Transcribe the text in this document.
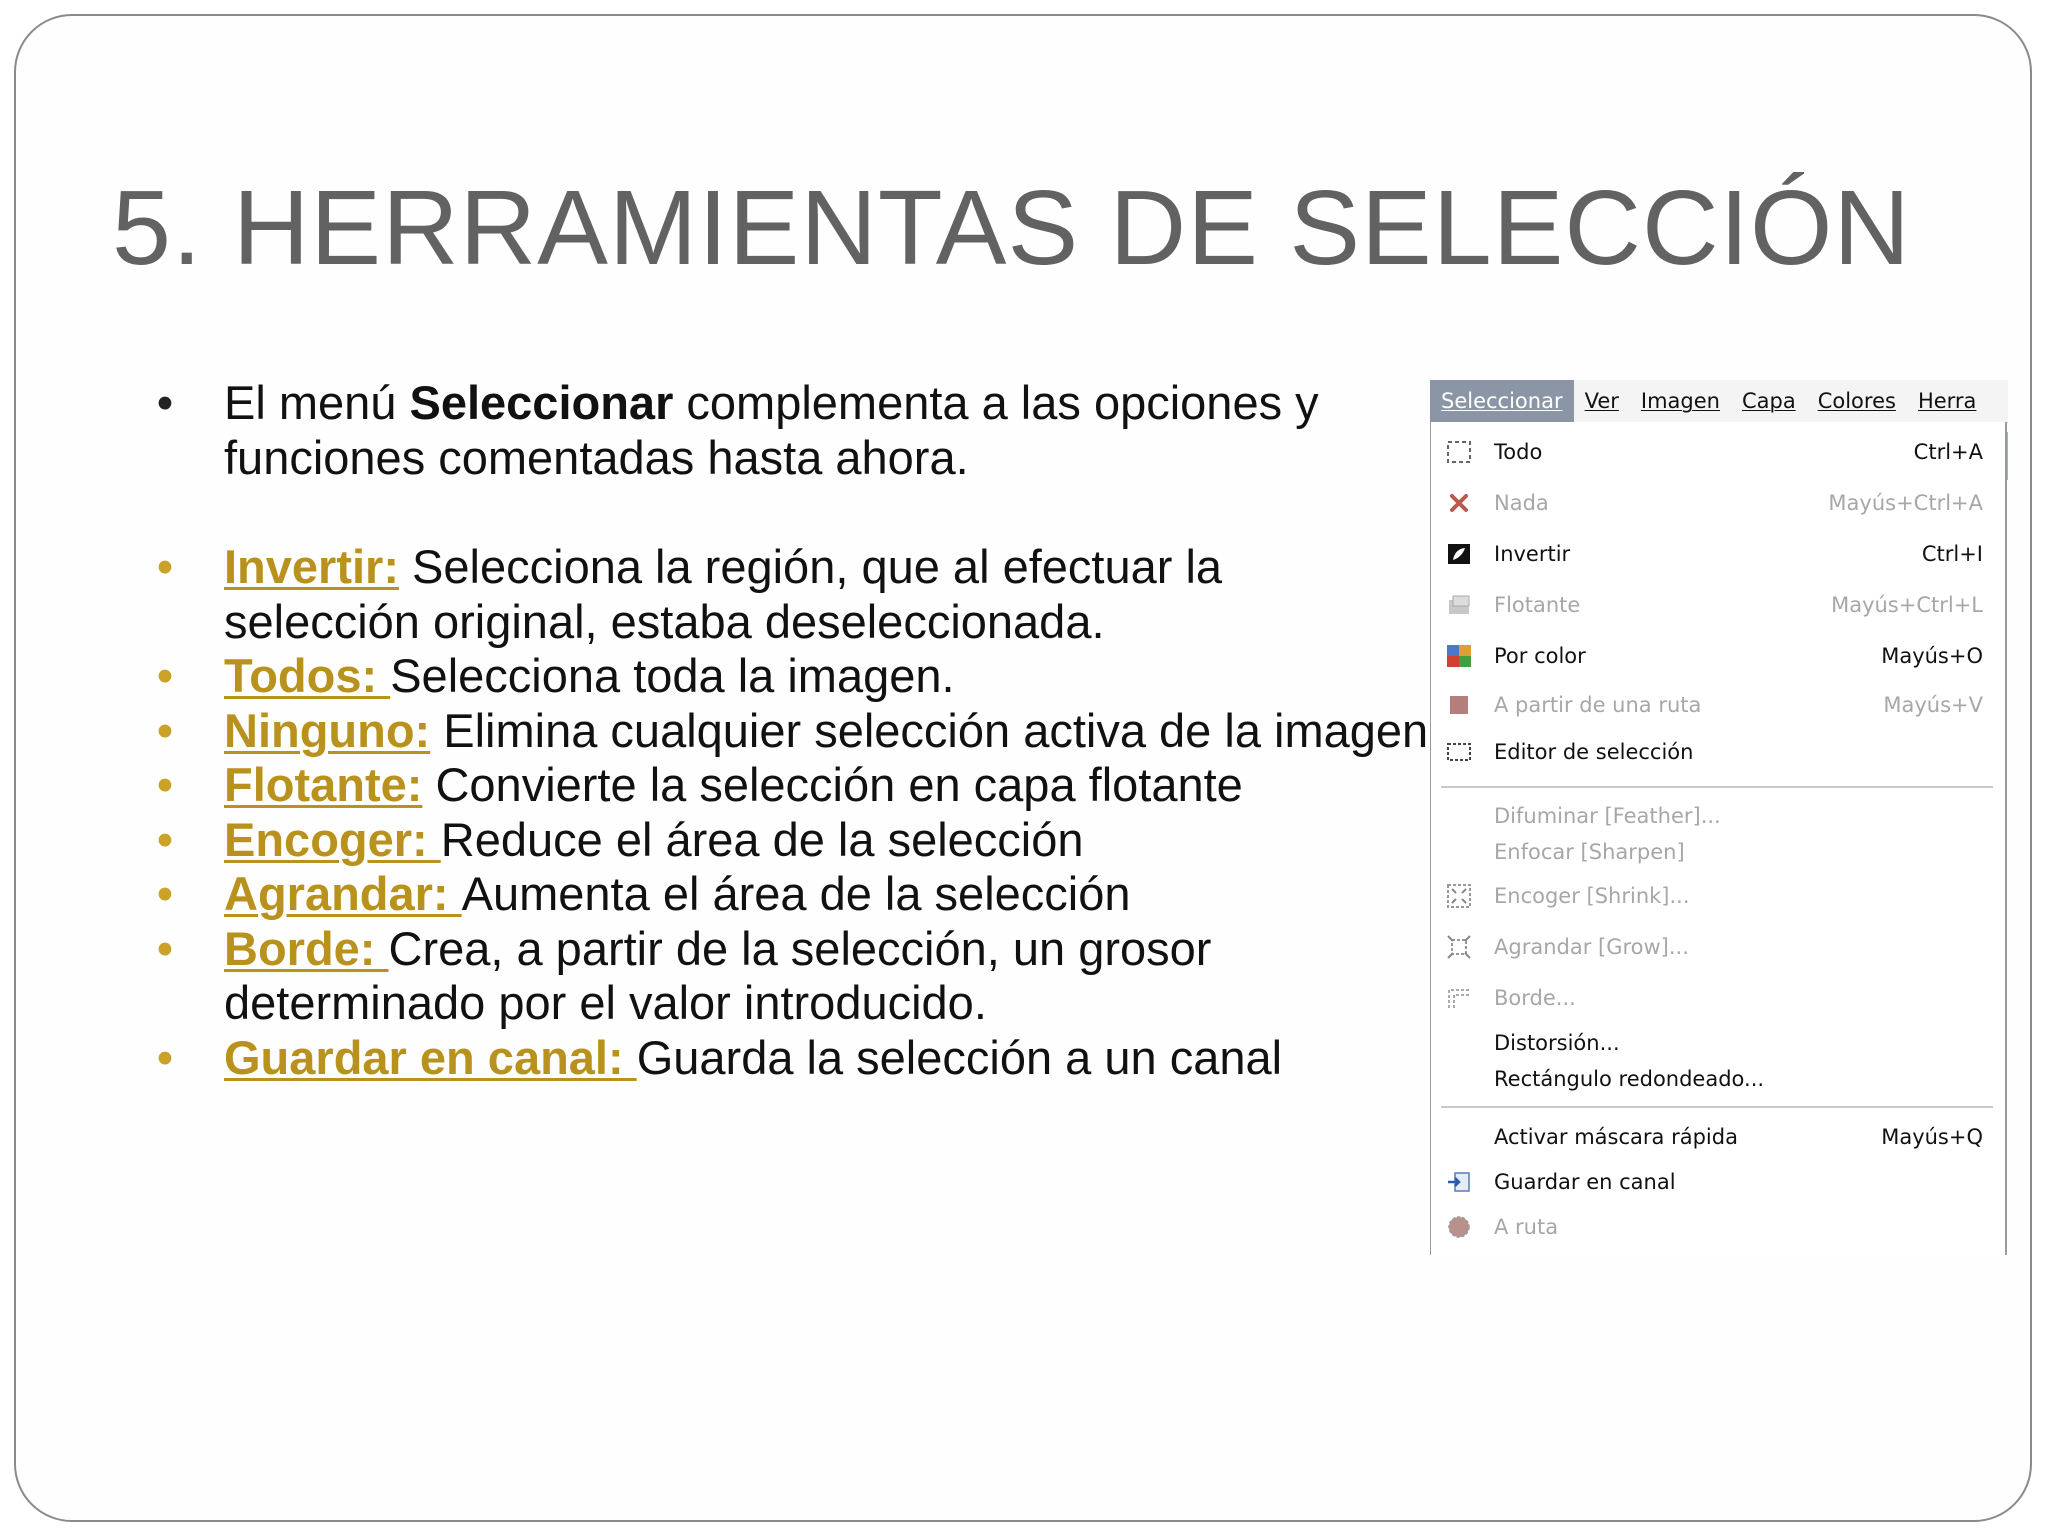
5. HERRAMIENTAS DE SELECCIÓN
• El menú Seleccionar complementa a las opciones y funciones comentadas hasta ahora.
• Invertir: Selecciona la región, que al efectuar la selección original, estaba deseleccionada.
• Todos: Selecciona toda la imagen.
• Ninguno: Elimina cualquier selección activa de la imagen
• Flotante: Convierte la selección en capa flotante
• Encoger: Reduce el área de la selección
• Agrandar: Aumenta el área de la selección
• Borde: Crea, a partir de la selección, un grosor determinado por el valor introducido.
• Guardar en canal: Guarda la selección a un canal
Seleccionar	Ver	Imagen	Capa	Colores	Herra
Todo	Ctrl+A
Nada	Mayús+Ctrl+A
Invertir	Ctrl+I
Flotante	Mayús+Ctrl+L
Por color	Mayús+O
A partir de una ruta	Mayús+V
Editor de selección
Difuminar [Feather]...
Enfocar [Sharpen]
Encoger [Shrink]...
Agrandar [Grow]...
Borde...
Distorsión...
Rectángulo redondeado...
Activar máscara rápida	Mayús+Q
Guardar en canal
A ruta
